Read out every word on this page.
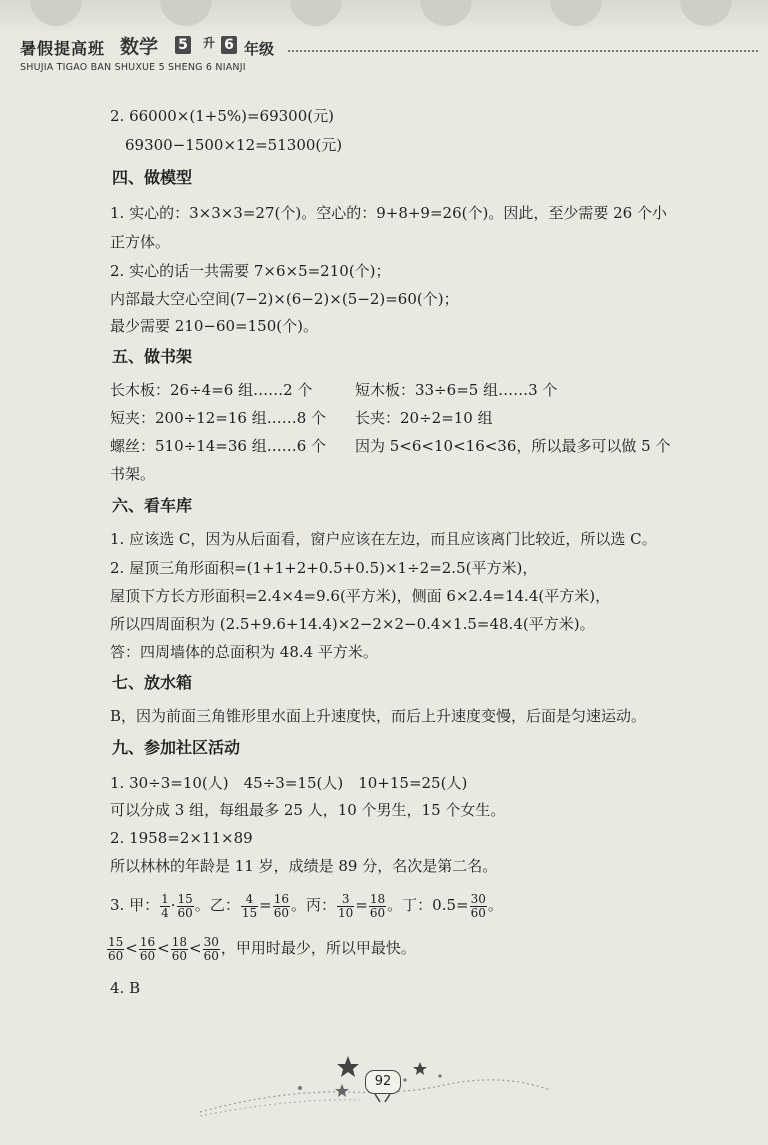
暑假提高班 数学 5 升 6 年级
SHUJIA TIGAO BAN SHUXUE 5 SHENG 6 NIANJI
2. 66000×(1+5%)=69300(元)
69300−1500×12=51300(元)
四、做模型
1. 实心的：3×3×3=27(个)。空心的：9+8+9=26(个)。因此，至少需要 26 个小
正方体。
2. 实心的话一共需要 7×6×5=210(个)；
内部最大空心空间(7−2)×(6−2)×(5−2)=60(个)；
最少需要 210−60=150(个)。
五、做书架
长木板：26÷4=6 组……2 个	短木板：33÷6=5 组……3 个
短夹：200÷12=16 组……8 个 长夹：20÷2=10 组
螺丝：510÷14=36 组……6 个 因为 5<6<10<16<36，所以最多可以做 5 个
书架。
六、看车库
1. 应该选 C，因为从后面看，窗户应该在左边，而且应该离门比较近，所以选 C。
2. 屋顶三角形面积=(1+1+2+0.5+0.5)×1÷2=2.5(平方米)，
屋顶下方长方形面积=2.4×4=9.6(平方米)，侧面 6×2.4=14.4(平方米)，
所以四周面积为 (2.5+9.6+14.4)×2−2×2−0.4×1.5=48.4(平方米)。
答：四周墙体的总面积为 48.4 平方米。
七、放水箱
B，因为前面三角锥形里水面上升速度快，而后上升速度变慢，后面是匀速运动。
九、参加社区活动
1. 30÷3=10(人)　45÷3=15(人)　10+15=25(人)
可以分成 3 组，每组最多 25 人，10 个男生，15 个女生。
2. 1958=2×11×89
所以林林的年龄是 11 岁，成绩是 89 分，名次是第二名。
3. 甲： $\frac{1}{4} \cdot \frac{15}{60}$ 。乙： $\frac{4}{15} = \frac{16}{60}$ 。丙： $\frac{3}{10} = \frac{18}{60}$ 。丁：$0.5= \frac{30}{60}$ 。
$\frac{15}{60} < \frac{16}{60} < \frac{18}{60} < \frac{30}{60}$ ，甲用时最少，所以甲最快。
4. B
92
